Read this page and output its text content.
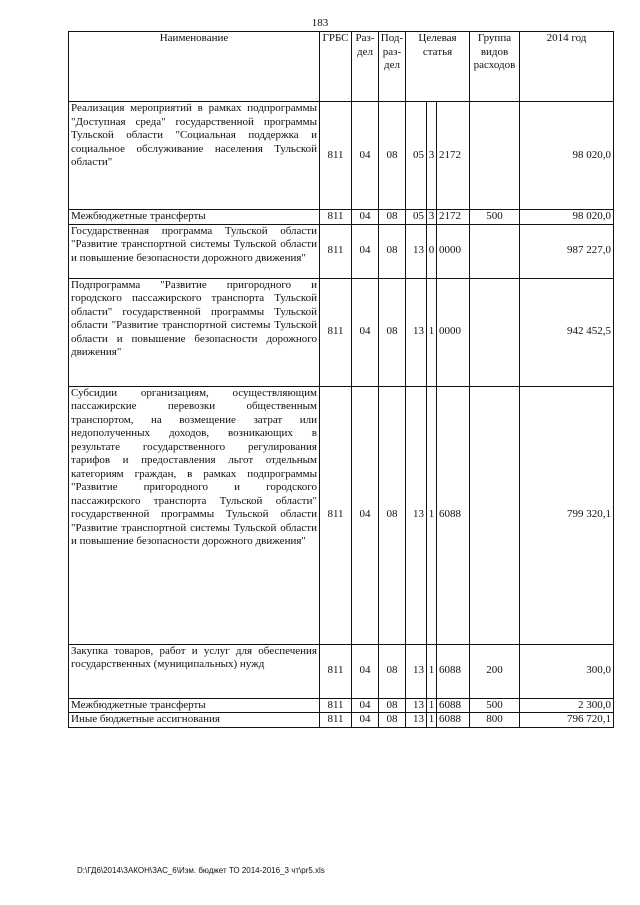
183
Наименование	ГРБС	Раз-дел	Под-раз-дел	Целевая статья			Группа видов расходов	2014 год
Реализация мероприятий в рамках подпрограммы "Доступная среда" государственной программы Тульской области "Социальная поддержка и социальное обслуживание населения Тульской области"	811	04	08	05	3	2172		98 020,0
Межбюджетные трансферты	811	04	08	05	3	2172	500	98 020,0
Государственная программа Тульской области "Развитие транспортной системы Тульской области и повышение безопасности дорожного движения"	811	04	08	13	0	0000		987 227,0
Подпрограмма "Развитие пригородного и городского пассажирского транспорта Тульской области" государственной программы Тульской области "Развитие транспортной системы Тульской области и повышение безопасности дорожного движения"	811	04	08	13	1	0000		942 452,5
Субсидии организациям, осуществляющим пассажирские перевозки общественным транспортом, на возмещение затрат или недополученных доходов, возникающих в результате государственного регулирования тарифов и предоставления льгот отдельным категориям граждан, в рамках подпрограммы "Развитие пригородного и городского пассажирского транспорта Тульской области" государственной программы Тульской области "Развитие транспортной системы Тульской области и повышение безопасности дорожного движения"	811	04	08	13	1	6088		799 320,1
Закупка товаров, работ и услуг для обеспечения государственных (муниципальных) нужд	811	04	08	13	1	6088	200	300,0
Межбюджетные трансферты	811	04	08	13	1	6088	500	2 300,0
Иные бюджетные ассигнования	811	04	08	13	1	6088	800	796 720,1
D:\ГД6\2014\ЗАКОН\ЗАС_6\Изм. бюджет ТО 2014-2016_3 чт\pr5.xls
